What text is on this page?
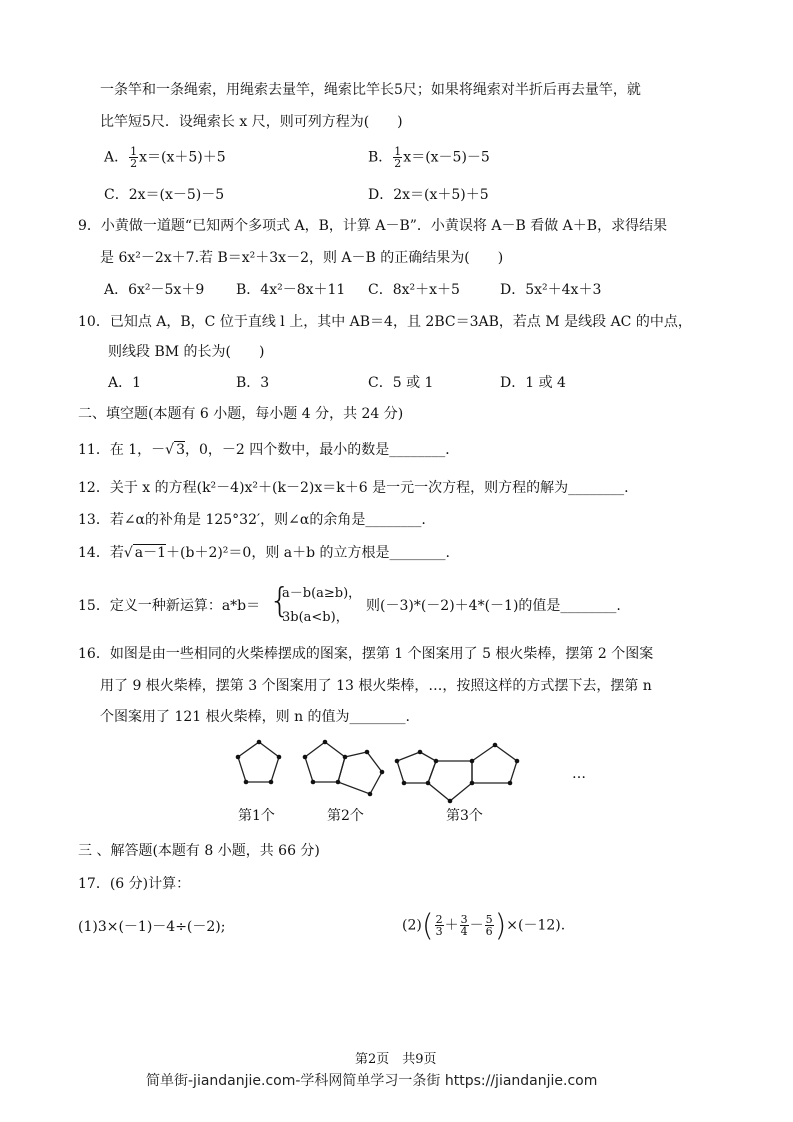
一条竿和一条绳索，用绳索去量竿，绳索比竿长5尺；如果将绳索对半折后再去量竿，就
比竿短5尺．设绳索长 x 尺，则可列方程为(　　)
A． $\frac{1}{2} x=(x+5)+5$	B． $\frac{1}{2} x=(x-5)-5$
C．2x＝(x－5)－5	D．2x＝(x＋5)＋5
9．小黄做一道题“已知两个多项式 A，B，计算 A－B”．小黄误将 A－B 看做 A＋B，求得结果
是 6x²－2x＋7.若 B＝x²＋3x－2，则 A－B 的正确结果为(　　)
A．6x²－5x＋9 B．4x²－8x＋11 C．8x²＋x＋5	D．5x²＋4x＋3
10．已知点 A，B，C 位于直线 l 上，其中 AB＝4，且 2BC＝3AB，若点 M 是线段 AC 的中点，
则线段 BM 的长为(　　)
A．1	B．3	C．5 或 1	D．1 或 4
二、填空题(本题有 6 小题，每小题 4 分，共 24 分)
11．在 1，－√ 3，0，－2 四个数中，最小的数是________．
12．关于 x 的方程(k²－4)x²＋(k－2)x＝k＋6 是一元一次方程，则方程的解为________.
13．若∠α的补角是 125°32′，则∠α的余角是________.
14．若√ a－1＋(b＋2)²＝0，则 a＋b 的立方根是________.
15．定义一种新运算：a*b＝ {
a－b(a≥b)，
3b(a<b)，
则(－3)*(－2)＋4*(－1)的值是________.
16．如图是由一些相同的火柴棒摆成的图案，摆第 1 个图案用了 5 根火柴棒，摆第 2 个图案
用了 9 根火柴棒，摆第 3 个图案用了 13 根火柴棒，…，按照这样的方式摆下去，摆第 n
个图案用了 121 根火柴棒，则 n 的值为________.
…
第1个	第2个	第3个
三 、解答题(本题有 8 小题，共 66 分)
17．(6 分)计算：
(1)3×(－1)－4÷(－2);	$(2)( \frac{2}{3} + \frac{3}{4} - \frac{5}{6} )\times(-12)$.
第2页　共9页
简单街-jiandanjie.com-学科网简单学习一条街 https://jiandanjie.com
